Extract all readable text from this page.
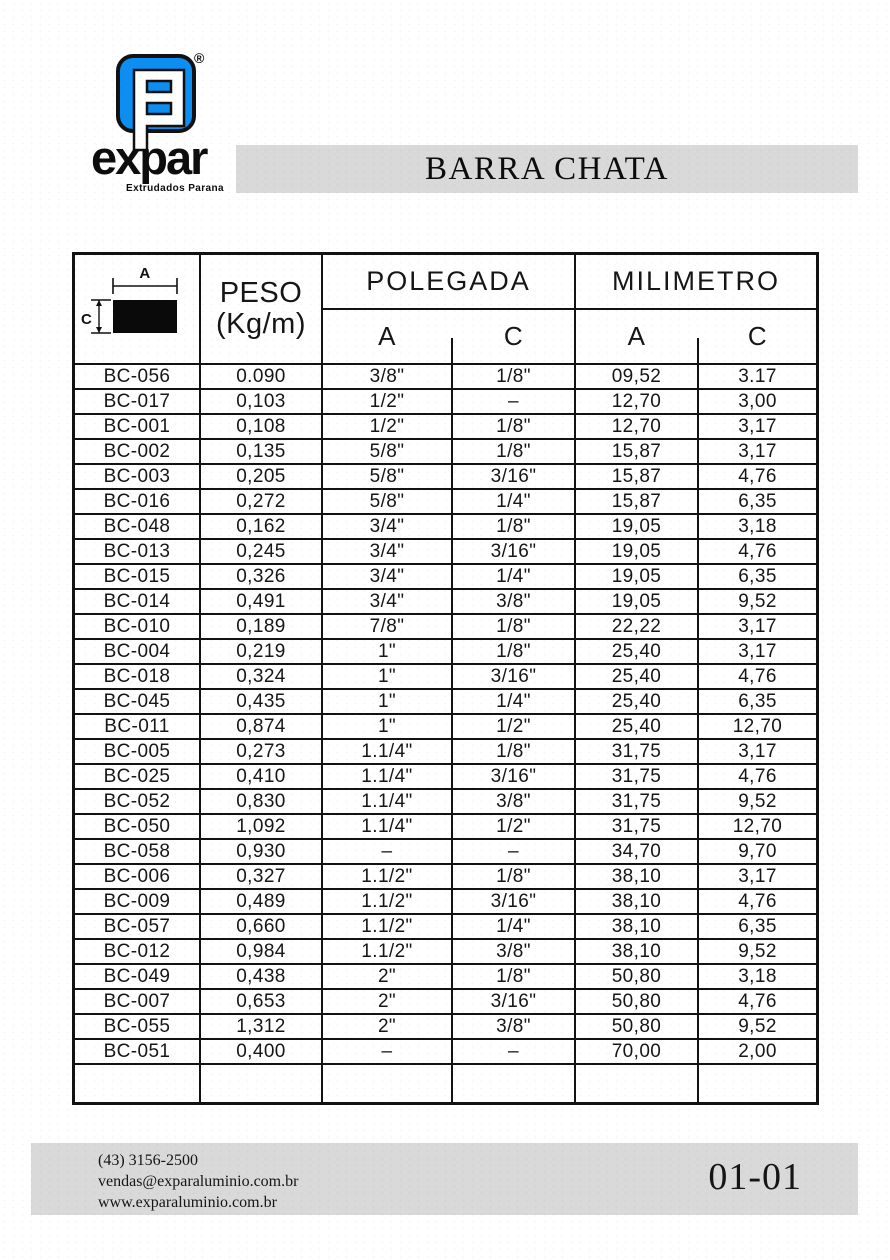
®
expar
Extrudados Parana
BARRA CHATA
A
C
PESO
(Kg/m)
POLEGADA	MILIMETRO
A	C	A	C
BC-056	0.090	3/8"	1/8"	09,52	3.17
BC-017	0,103	1/2"	–	12,70	3,00
BC-001	0,108	1/2"	1/8"	12,70	3,17
BC-002	0,135	5/8"	1/8"	15,87	3,17
BC-003	0,205	5/8"	3/16"	15,87	4,76
BC-016	0,272	5/8"	1/4"	15,87	6,35
BC-048	0,162	3/4"	1/8"	19,05	3,18
BC-013	0,245	3/4"	3/16"	19,05	4,76
BC-015	0,326	3/4"	1/4"	19,05	6,35
BC-014	0,491	3/4"	3/8"	19,05	9,52
BC-010	0,189	7/8"	1/8"	22,22	3,17
BC-004	0,219	1"	1/8"	25,40	3,17
BC-018	0,324	1"	3/16"	25,40	4,76
BC-045	0,435	1"	1/4"	25,40	6,35
BC-011	0,874	1"	1/2"	25,40	12,70
BC-005	0,273	1.1/4"	1/8"	31,75	3,17
BC-025	0,410	1.1/4"	3/16"	31,75	4,76
BC-052	0,830	1.1/4"	3/8"	31,75	9,52
BC-050	1,092	1.1/4"	1/2"	31,75	12,70
BC-058	0,930	–	–	34,70	9,70
BC-006	0,327	1.1/2"	1/8"	38,10	3,17
BC-009	0,489	1.1/2"	3/16"	38,10	4,76
BC-057	0,660	1.1/2"	1/4"	38,10	6,35
BC-012	0,984	1.1/2"	3/8"	38,10	9,52
BC-049	0,438	2"	1/8"	50,80	3,18
BC-007	0,653	2"	3/16"	50,80	4,76
BC-055	1,312	2"	3/8"	50,80	9,52
BC-051	0,400	–	–	70,00	2,00
(43) 3156-2500
vendas@exparaluminio.com.br
www.exparaluminio.com.br
01-01
